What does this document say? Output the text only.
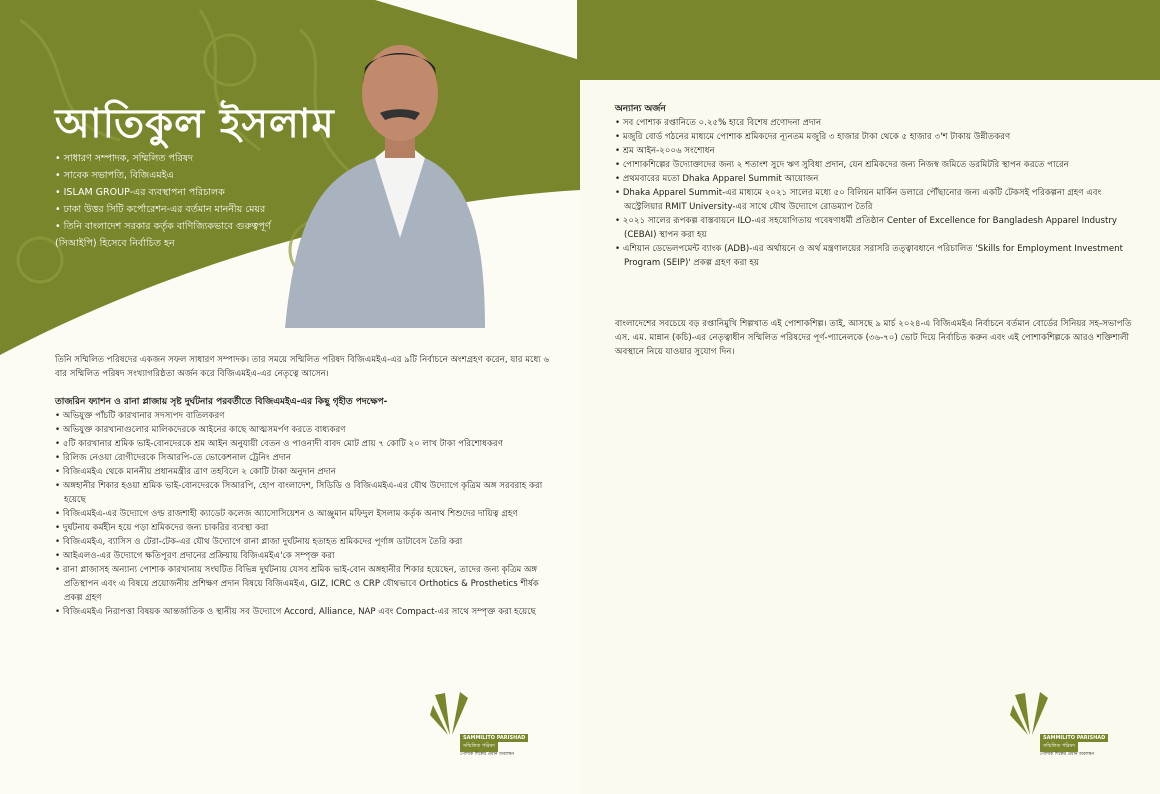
আতিকুল ইসলাম
• সাধারণ সম্পাদক, সম্মিলিত পরিষদ
• সাবেক সভাপতি, বিজিএমইএ
• ISLAM GROUP-এর ব্যবস্থাপনা পরিচালক
• ঢাকা উত্তর সিটি কর্পোরেশন-এর বর্তমান মাননীয় মেয়র
• তিনি বাংলাদেশ সরকার কর্তৃক বাণিজ্যিকভাবে গুরুত্বপূর্ণ (সিআইপি) হিসেবে নির্বাচিত হন

তিনি সম্মিলিত পরিষদের একজন সফল সাধারণ সম্পাদক। তার সময়ে সম্মিলিত পরিষদ বিজিএমইএ-এর ৯টি নির্বাচনে অংশগ্রহণ করেন, যার মধ্যে ৬ বার সম্মিলিত পরিষদ সংখ্যাগরিষ্ঠতা অর্জন করে বিজিএমইএ-এর নেতৃত্বে আসেন।

তাজরিন ফ্যাশন ও রানা প্লাজায় সৃষ্ট দুর্ঘটনার পরবর্তীতে বিজিএমইএ-এর কিছু গৃহীত পদক্ষেপ-
• অভিযুক্ত পাঁচটি কারখানার সদস্যপদ বাতিলকরণ
• অভিযুক্ত কারখানাগুলোর মালিকদেরকে আইনের কাছে আত্মসমর্পণ করতে বাধ্যকরণ
• ৫টি কারখানার শ্রমিক ভাই-বোনদেরকে শ্রম আইন অনুযায়ী বেতন ও পাওনাদী বাবদ মোট প্রায় ৭ কোটি ২০ লাখ টাকা পরিশোধকরণ
• রিলিজ নেওয়া রোগীদেরকে সিআরপি-তে ভোকেশনাল ট্রেনিং প্রদান
• বিজিএমইএ থেকে মাননীয় প্রধানমন্ত্রীর ত্রাণ তহবিলে ২ কোটি টাকা অনুদান প্রদান
• অঙ্গহানীর শিকার হওয়া শ্রমিক ভাই-বোনদেরকে সিআরপি, হোপ বাংলাদেশ, সিডিডি ও বিজিএমইএ-এর যৌথ উদ্যোগে কৃত্রিম অঙ্গ সরবরাহ করা হয়েছে
• বিজিএমইএ-এর উদ্যোগে ওল্ড রাজশাহী ক্যাডেট কলেজ অ্যাসোসিয়েশন ও আঞ্জুমান মফিদুল ইসলাম কর্তৃক অনাথ শিশুদের দায়িত্ব গ্রহণ
• দুর্ঘটনায় কর্মহীন হয়ে পড়া শ্রমিকদের জন্য চাকরির ব্যবস্থা করা
• বিজিএমইএ, ব্যাসিস ও টেরা-টেক-এর যৌথ উদ্যোগে রানা প্লাজা দুর্ঘটনায় হতাহত শ্রমিকদের পূর্ণাঙ্গ ডাটাবেস তৈরি করা
• আইএলও-এর উদ্যোগে ক্ষতিপূরণ প্রদানের প্রক্রিয়ায় বিজিএমইএ'কে সম্পৃক্ত করা
• রানা প্লাজাসহ অন্যান্য পোশাক কারখানায় সংঘটিত বিভিন্ন দুর্ঘটনায় যেসব শ্রমিক ভাই-বোন অঙ্গহানীর শিকার হয়েছেন, তাদের জন্য কৃত্রিম অঙ্গ প্রতিস্থাপন এবং এ বিষয়ে প্রয়োজনীয় প্রশিক্ষণ প্রদান বিষয়ে বিজিএমইএ, GIZ, ICRC ও CRP যৌথভাবে Orthotics & Prosthetics শীর্ষক প্রকল্প গ্রহণ
• বিজিএমইএ নিরাপত্তা বিষয়ক আন্তর্জাতিক ও স্থানীয় সব উদ্যোগে Accord, Alliance, NAP এবং Compact-এর সাথে সম্পৃক্ত করা হয়েছে
SAMMILITO PARISHAD
সম্মিলিত পরিষদ
পোশাক শিল্পের প্রধান অবলম্বন
অন্যান্য অর্জন
• সব পোশাক রপ্তানিতে ০.২৫% হারে বিশেষ প্রণোদনা প্রদান
• মজুরি বোর্ড গঠনের মাধ্যমে পোশাক শ্রমিকদের ন্যূনতম মজুরি ৩ হাজার টাকা থেকে ৫ হাজার ৩'শ টাকায় উন্নীতকরণ
• শ্রম আইন-২০০৬ সংশোধন
• পোশাকশিল্পের উদ্যোক্তাদের জন্য ২ শতাংশ সুদে ঋণ সুবিধা প্রদান, যেন শ্রমিকদের জন্য নিজস্ব জমিতে ডরমিটরি স্থাপন করতে পারেন
• প্রথমবারের মতো Dhaka Apparel Summit আয়োজন
• Dhaka Apparel Summit-এর মাধ্যমে ২০২১ সালের মধ্যে ৫০ বিলিয়ন মার্কিন ডলারে পৌঁছানোর জন্য একটি টেকসই পরিকল্পনা গ্রহণ এবং অস্ট্রেলিয়ার RMIT University-এর সাথে যৌথ উদ্যোগে রোডম্যাপ তৈরি
• ২০২১ সালের রূপকল্প বাস্তবায়নে ILO-এর সহযোগিতায় গবেষণাধর্মী প্রতিষ্ঠান Center of Excellence for Bangladesh Apparel Industry (CEBAI) স্থাপন করা হয়
• এশিয়ান ডেভেলপমেন্ট ব্যাংক (ADB)-এর অর্থায়নে ও অর্থ মন্ত্রণালয়ের সরাসরি তত্ত্বাবধানে পরিচালিত 'Skills for Employment Investment Program (SEIP)' প্রকল্প গ্রহণ করা হয়

বাংলাদেশের সবচেয়ে বড় রপ্তানিমুখি শিল্পখাত এই পোশাকশিল্প। তাই, আসছে ৯ মার্চ ২০২৪-এ বিজিএমইএ নির্বাচনে বর্তমান বোর্ডের সিনিয়র সহ-সভাপতি এস. এম. মান্নান (কচি)-এর নেতৃত্বাধীন সম্মিলিত পরিষদের পূর্ণ-প্যানেলকে (৩৬-৭০) ভোট দিয়ে নির্বাচিত করুন এবং এই পোশাকশিল্পকে আরও শক্তিশালী অবস্থানে নিয়ে যাওয়ার সুযোগ দিন।

SAMMILITO PARISHAD
সম্মিলিত পরিষদ
পোশাক শিল্পের প্রধান অবলম্বন
